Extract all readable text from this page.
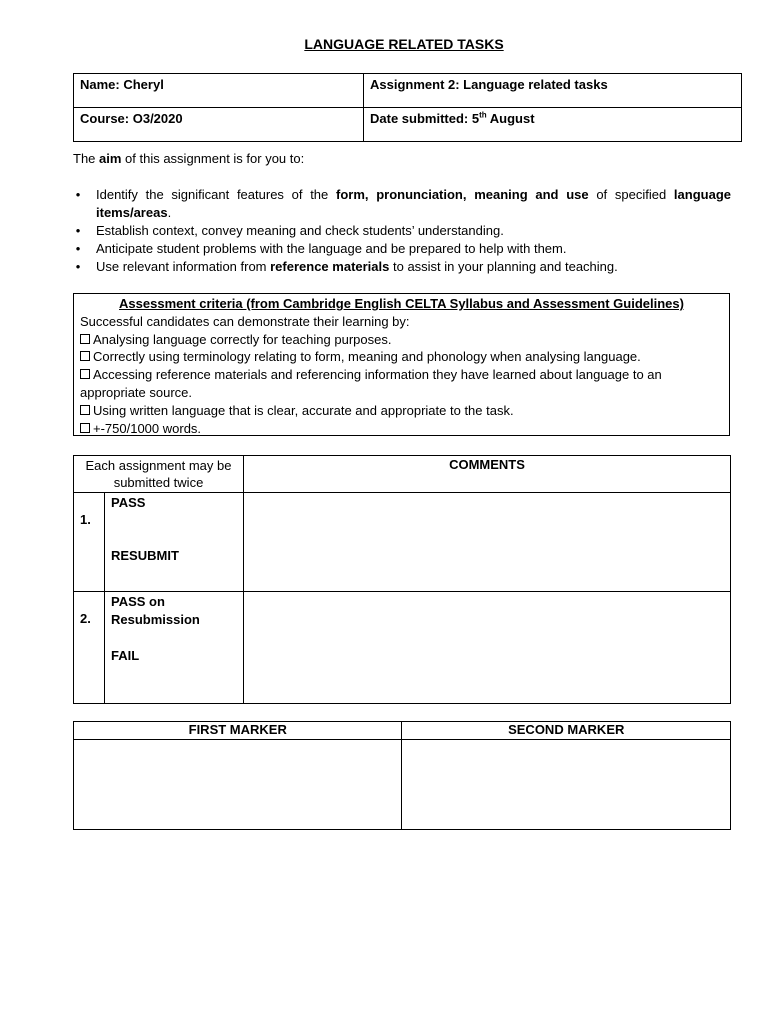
LANGUAGE RELATED TASKS
Name: Cheryl	Assignment 2: Language related tasks
Course: O3/2020	Date submitted: 5th August
The aim of this assignment is for you to:
• Identify the significant features of the form, pronunciation, meaning and use of specified language items/areas.
• Establish context, convey meaning and check students’ understanding.
• Anticipate student problems with the language and be prepared to help with them.
• Use relevant information from reference materials to assist in your planning and teaching.
Assessment criteria (from Cambridge English CELTA Syllabus and Assessment Guidelines)
Successful candidates can demonstrate their learning by:
Analysing language correctly for teaching purposes.
Correctly using terminology relating to form, meaning and phonology when analysing language.
Accessing reference materials and referencing information they have learned about language to an appropriate source.
Using written language that is clear, accurate and appropriate to the task.
+-750/1000 words.
Each assignment may be submitted twice		COMMENTS

1.	PASS
RESUBMIT	

2.	PASS on Resubmission
FAIL	

FIRST MARKER	SECOND MARKER
